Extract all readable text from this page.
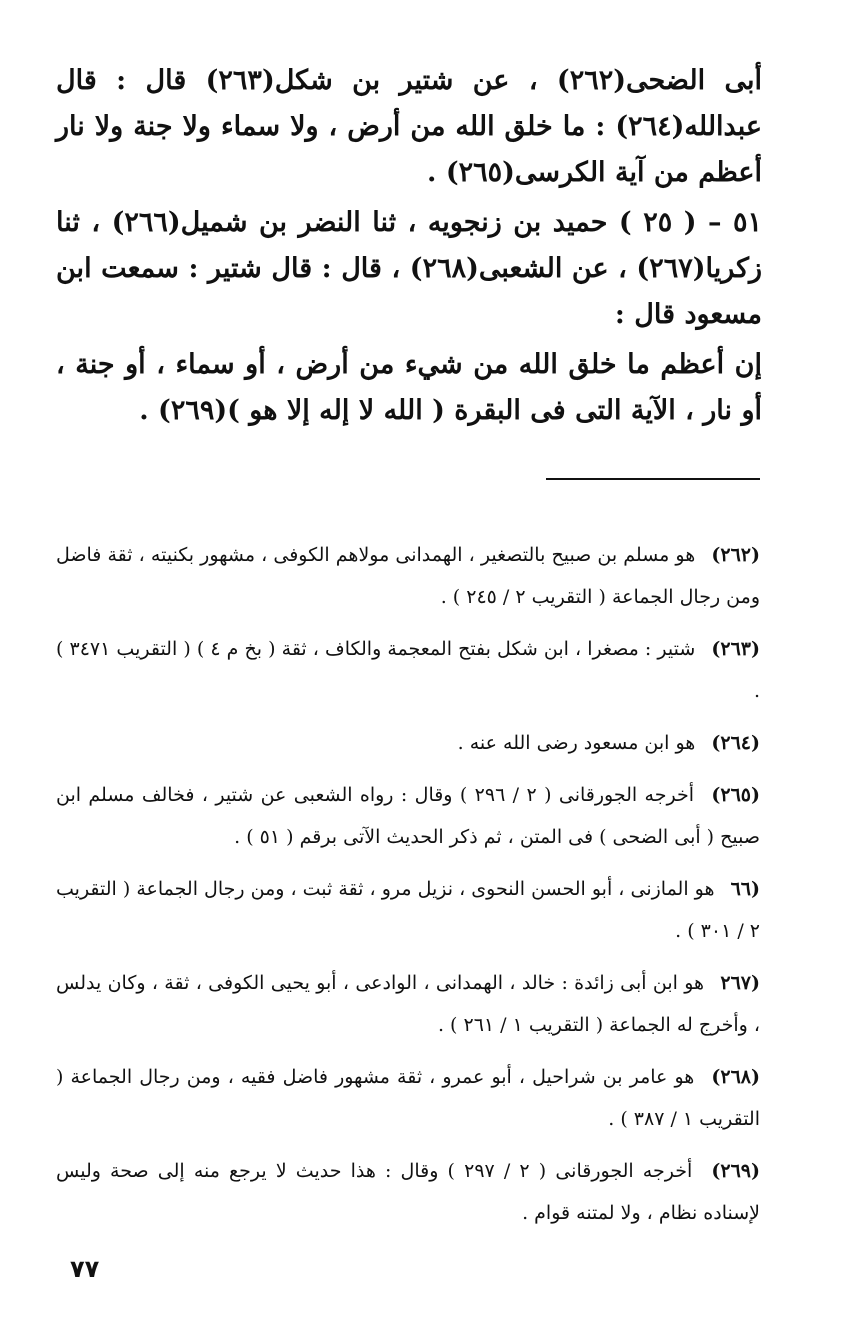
أبى الضحى(٢٦٢) ، عن شتير بن شكل(٢٦٣) قال : قال عبدالله(٢٦٤) : ما خلق الله من أرض ، ولا سماء ولا جنة ولا نار أعظم من آية الكرسى(٢٦٥) .

٥١ – ( ٢٥ ) حميد بن زنجويه ، ثنا النضر بن شميل(٢٦٦) ، ثنا زكريا(٢٦٧) ، عن الشعبى(٢٦٨) ، قال : قال شتير : سمعت ابن مسعود قال :

إن أعظم ما خلق الله من شيء من أرض ، أو سماء ، أو جنة ، أو نار ، الآية التى فى البقرة ( الله لا إله إلا هو )(٢٦٩) .

(٢٦٢) هو مسلم بن صبيح بالتصغير ، الهمدانى مولاهم الكوفى ، مشهور بكنيته ، ثقة فاضل ومن رجال الجماعة ( التقريب ٢ / ٢٤٥ ) .

(٢٦٣) شتير : مصغرا ، ابن شكل بفتح المعجمة والكاف ، ثقة ( بخ م ٤ ) ( التقريب ٣٤٧١ ) .

(٢٦٤) هو ابن مسعود رضى الله عنه .

(٢٦٥) أخرجه الجورقانى ( ٢ / ٢٩٦ ) وقال : رواه الشعبى عن شتير ، فخالف مسلم ابن صبيح ( أبى الضحى ) فى المتن ، ثم ذكر الحديث الآتى برقم ( ٥١ ) .

(٦٦ هو المازنى ، أبو الحسن النحوى ، نزيل مرو ، ثقة ثبت ، ومن رجال الجماعة ( التقريب ٢ / ٣٠١ ) .

(٢٦٧ هو ابن أبى زائدة : خالد ، الهمدانى ، الوادعى ، أبو يحيى الكوفى ، ثقة ، وكان يدلس ، وأخرج له الجماعة ( التقريب ١ / ٢٦١ ) .

(٢٦٨) هو عامر بن شراحيل ، أبو عمرو ، ثقة مشهور فاضل فقيه ، ومن رجال الجماعة ( التقريب ١ / ٣٨٧ ) .

(٢٦٩) أخرجه الجورقانى ( ٢ / ٢٩٧ ) وقال : هذا حديث لا يرجع منه إلى صحة وليس لإسناده نظام ، ولا لمتنه قوام .

٧٧
